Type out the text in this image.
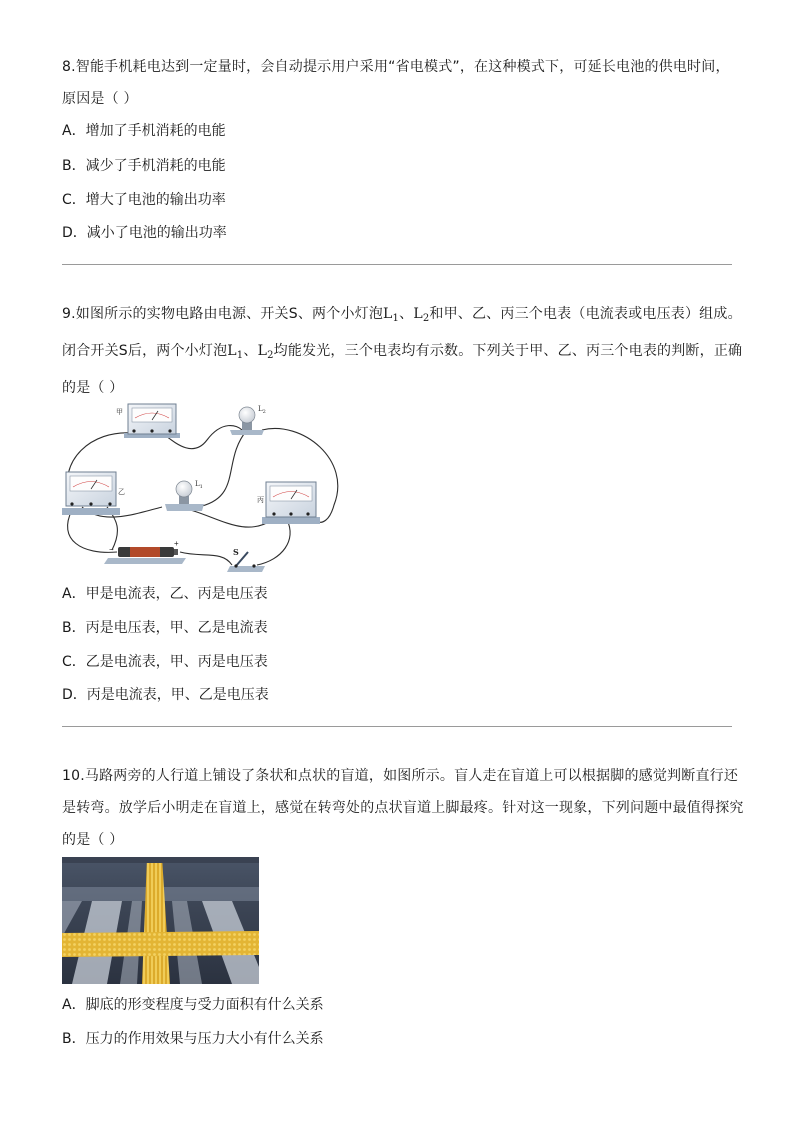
8.智能手机耗电达到一定量时，会自动提示用户采用“省电模式”，在这种模式下，可延长电池的供电时间，
原因是（ ）
A．增加了手机消耗的电能
B．减少了手机消耗的电能
C．增大了电池的输出功率
D．减小了电池的输出功率
9.如图所示的实物电路由电源、开关S、两个小灯泡$L_1$、$L_2$和甲、乙、丙三个电表（电流表或电压表）组成。
闭合开关S后，两个小灯泡$L_1$、$L_2$均能发光，三个电表均有示数。下列关于甲、乙、丙三个电表的判断，正确
的是（ ）
甲
乙
丙
$L_2$
$L_1$
−
+
S
A．甲是电流表，乙、丙是电压表
B．丙是电压表，甲、乙是电流表
C．乙是电流表，甲、丙是电压表
D．丙是电流表，甲、乙是电压表
10.马路两旁的人行道上铺设了条状和点状的盲道，如图所示。盲人走在盲道上可以根据脚的感觉判断直行还
是转弯。放学后小明走在盲道上，感觉在转弯处的点状盲道上脚最疼。针对这一现象，下列问题中最值得探究
的是（ ）
A．脚底的形变程度与受力面积有什么关系
B．压力的作用效果与压力大小有什么关系
